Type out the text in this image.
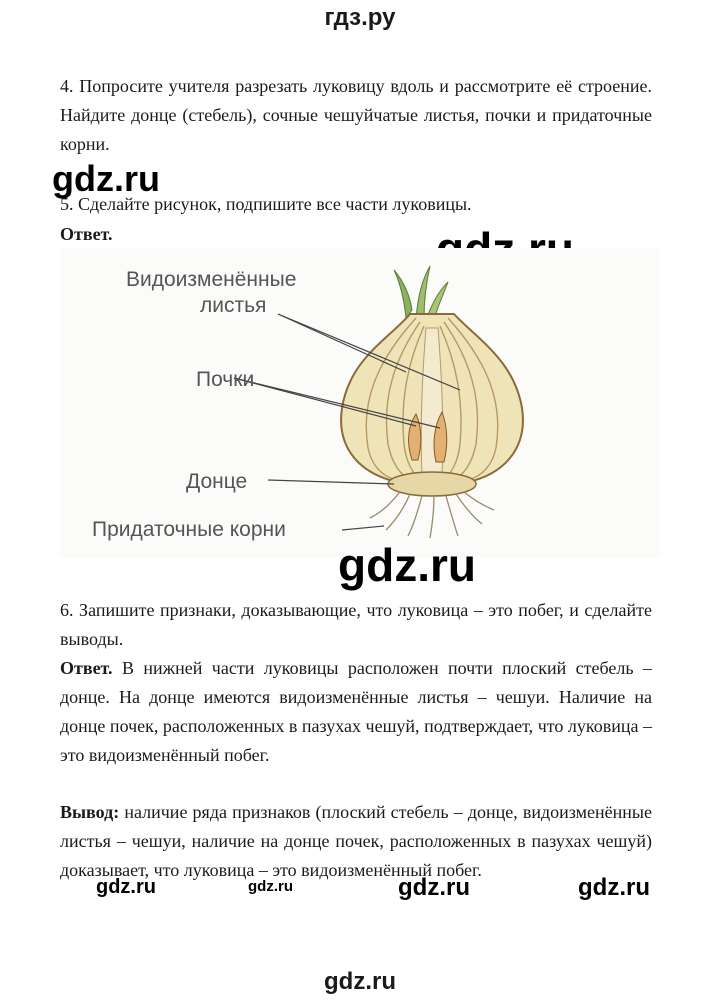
гдз.ру
4. Попросите учителя разрезать луковицу вдоль и рассмотрите её строение. Найдите донце (стебель), сочные чешуйчатые листья, почки и придаточные корни.
gdz.ru
5. Сделайте рисунок, подпишите все части луковицы.
Ответ.
Видоизменённые
листья
Почки
Донце
Придаточные корни
gdz.ru
6. Запишите признаки, доказывающие, что луковица – это побег, и сделайте выводы.
Ответ. В нижней части луковицы расположен почти плоский стебель – донце. На донце имеются видоизменённые листья – чешуи. Наличие на донце почек, расположенных в пазухах чешуй, подтверждает, что луковица – это видоизменённый побег.
Вывод: наличие ряда признаков (плоский стебель – донце, видоизменённые листья – чешуи, наличие на донце почек, расположенных в пазухах чешуй) доказывает, что луковица – это видоизменённый побег.
gdz.ru	gdz.ru	gdz.ru	gdz.ru
gdz.ru
